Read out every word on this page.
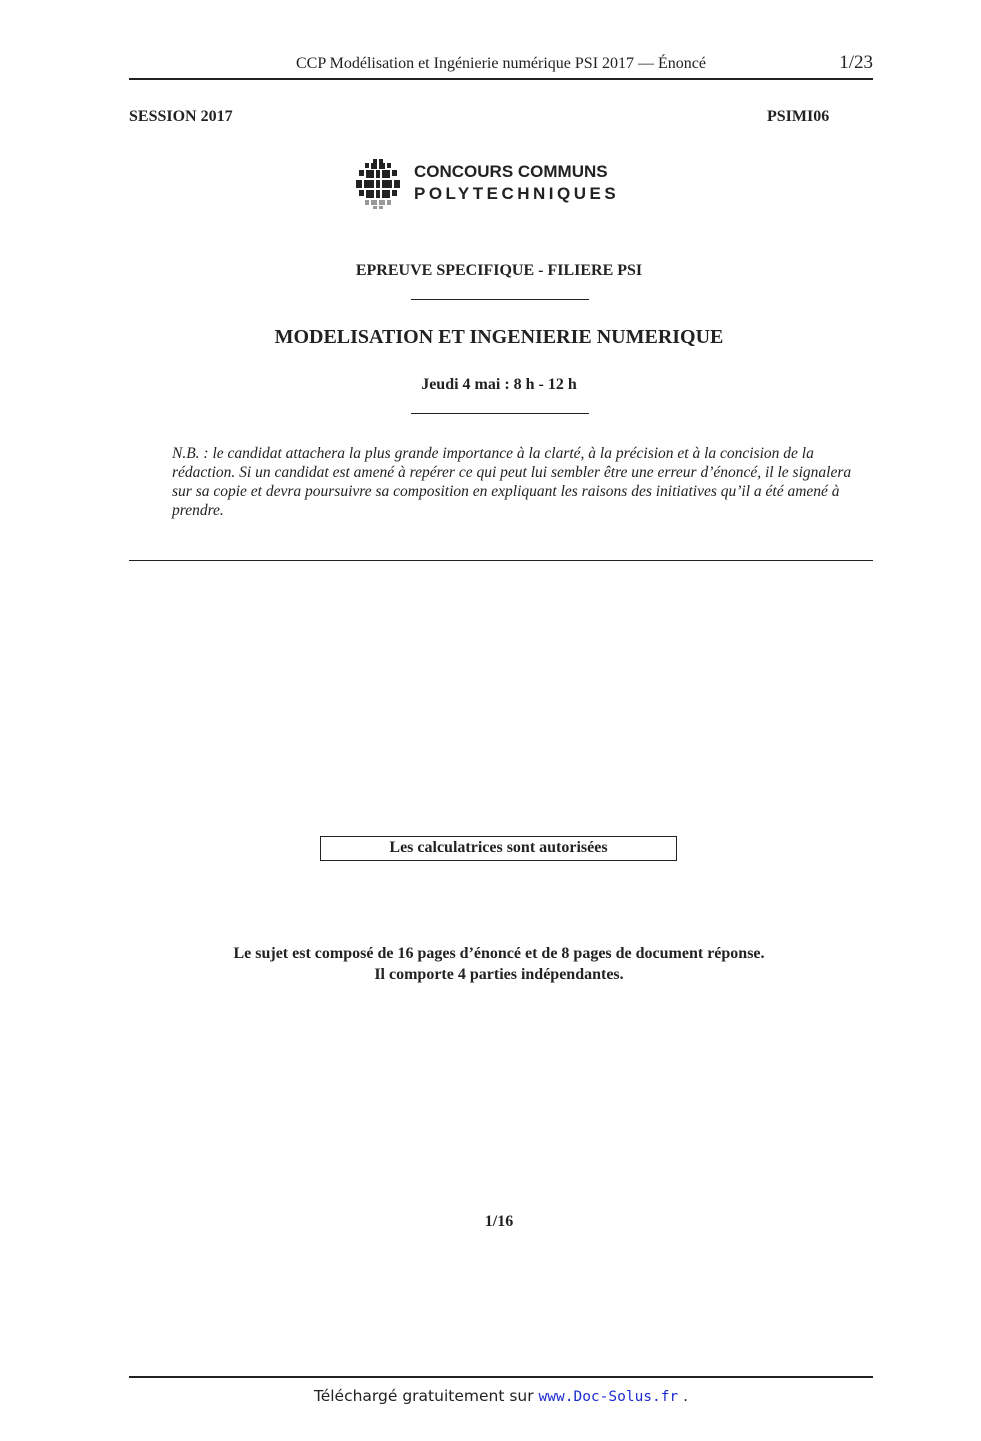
CCP Modélisation et Ingénierie numérique PSI 2017 — Énoncé	1/23
SESSION 2017	PSIMI06
CONCOURS COMMUNS
POLYTECHNIQUES
EPREUVE SPECIFIQUE - FILIERE PSI
MODELISATION ET INGENIERIE NUMERIQUE
Jeudi 4 mai : 8 h - 12 h
N.B. : le candidat attachera la plus grande importance à la clarté, à la précision et à la concision de la rédaction. Si un candidat est amené à repérer ce qui peut lui sembler être une erreur d’énoncé, il le signalera sur sa copie et devra poursuivre sa composition en expliquant les raisons des initiatives qu’il a été amené à prendre.
Les calculatrices sont autorisées
Le sujet est composé de 16 pages d’énoncé et de 8 pages de document réponse.
Il comporte 4 parties indépendantes.
1/16
Téléchargé gratuitement sur www.Doc-Solus.fr .
